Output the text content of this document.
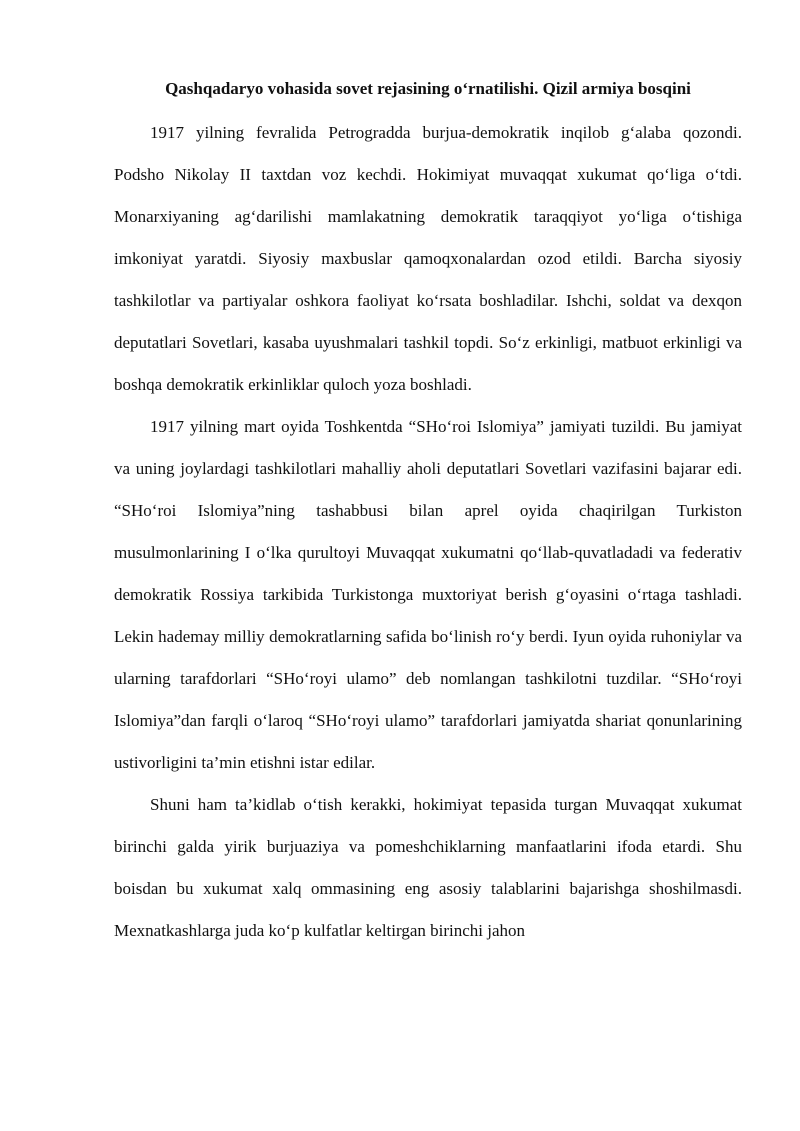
Qashqadaryo vohasida sovet rejasining o‘rnatilishi. Qizil armiya bosqini

1917 yilning fevralida Petrogradda burjua-demokratik inqilob g‘alaba qozondi. Podsho Nikolay II taxtdan voz kechdi. Hokimiyat muvaqqat xukumat qo‘liga o‘tdi. Monarxiyaning ag‘darilishi mamlakatning demokratik taraqqiyot yo‘liga o‘tishiga imkoniyat yaratdi. Siyosiy maxbuslar qamoqxonalardan ozod etildi. Barcha siyosiy tashkilotlar va partiyalar oshkora faoliyat ko‘rsata boshladilar. Ishchi, soldat va dexqon deputatlari Sovetlari, kasaba uyushmalari tashkil topdi. So‘z erkinligi, matbuot erkinligi va boshqa demokratik erkinliklar quloch yoza boshladi.

1917 yilning mart oyida Toshkentda “SHo‘roi Islomiya” jamiyati tuzildi. Bu jamiyat va uning joylardagi tashkilotlari mahalliy aholi deputatlari Sovetlari vazifasini bajarar edi. “SHo‘roi Islomiya”ning tashabbusi bilan aprel oyida chaqirilgan Turkiston musulmonlarining I o‘lka qurultoyi Muvaqqat xukumatni qo‘llab-quvatladadi va federativ demokratik Rossiya tarkibida Turkistonga muxtoriyat berish g‘oyasini o‘rtaga tashladi. Lekin hademay milliy demokratlarning safida bo‘linish ro‘y berdi. Iyun oyida ruhoniylar va ularning tarafdorlari “SHo‘royi ulamo” deb nomlangan tashkilotni tuzdilar. “SHo‘royi Islomiya”dan farqli o‘laroq “SHo‘royi ulamo” tarafdorlari jamiyatda shariat qonunlarining ustivorligini ta’min etishni istar edilar.

Shuni ham ta’kidlab o‘tish kerakki, hokimiyat tepasida turgan Muvaqqat xukumat birinchi galda yirik burjuaziya va pomeshchiklarning manfaatlarini ifoda etardi. Shu boisdan bu xukumat xalq ommasining eng asosiy talablarini bajarishga shoshilmasdi. Mexnatkashlarga juda ko‘p kulfatlar keltirgan birinchi jahon
